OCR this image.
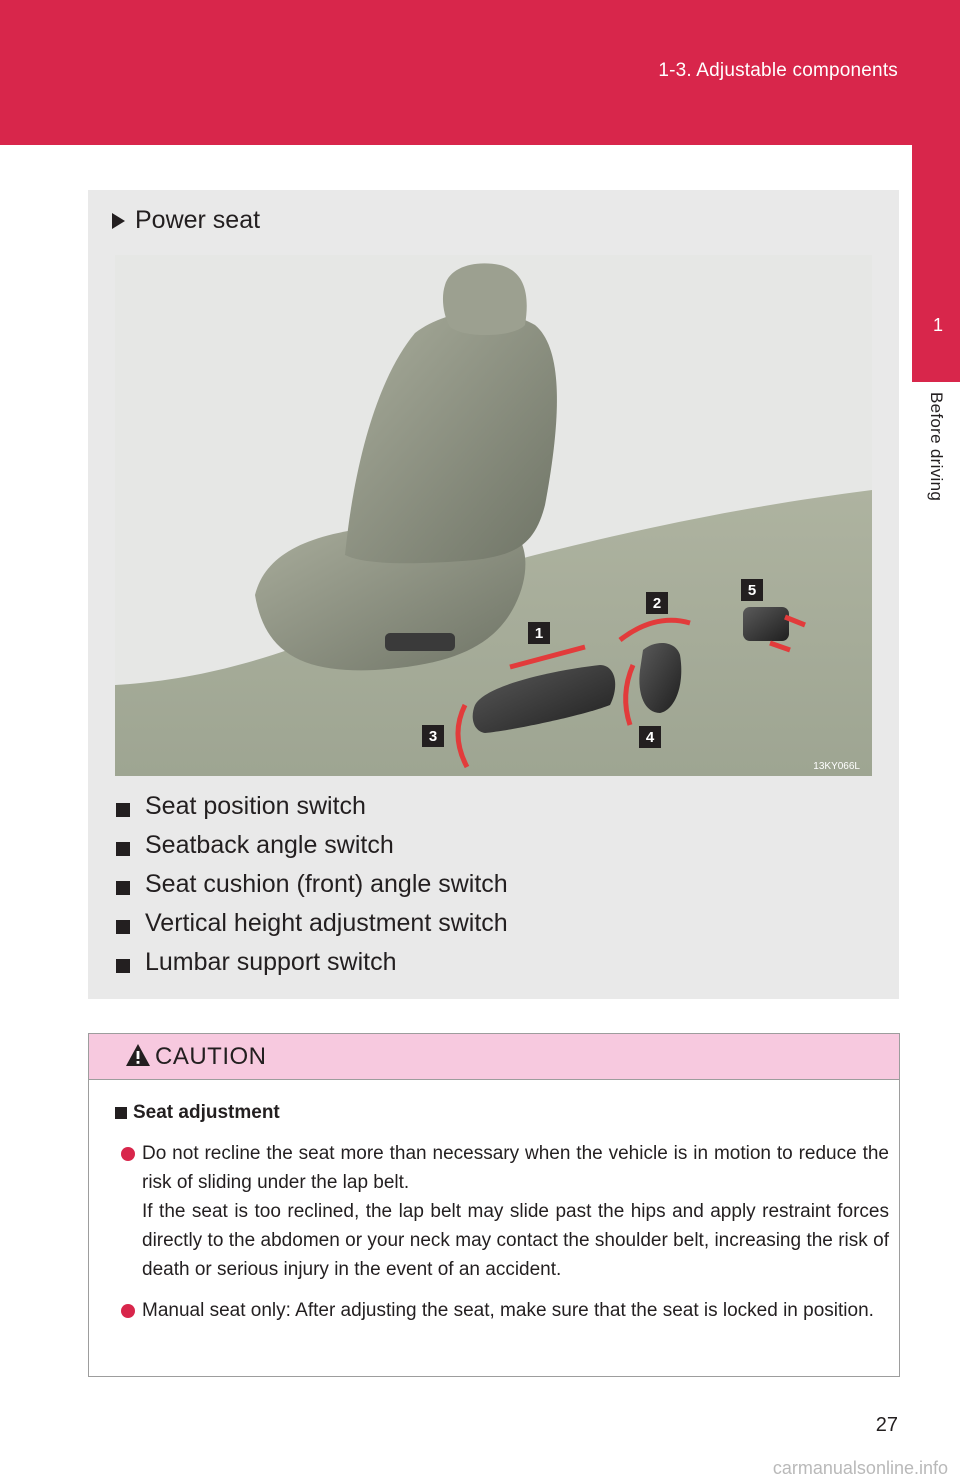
1-3. Adjustable components
1
Before driving
Power seat
1
2
3	4
5
13KY066L
Seat position switch
Seatback angle switch
Seat cushion (front) angle switch
Vertical height adjustment switch
Lumbar support switch
CAUTION
Seat adjustment

Do not recline the seat more than necessary when the vehicle is in motion to reduce the risk of sliding under the lap belt.

If the seat is too reclined, the lap belt may slide past the hips and apply restraint forces directly to the abdomen or your neck may contact the shoulder belt, increasing the risk of death or serious injury in the event of an accident.

Manual seat only: After adjusting the seat, make sure that the seat is locked in position.

27
carmanualsonline.info
